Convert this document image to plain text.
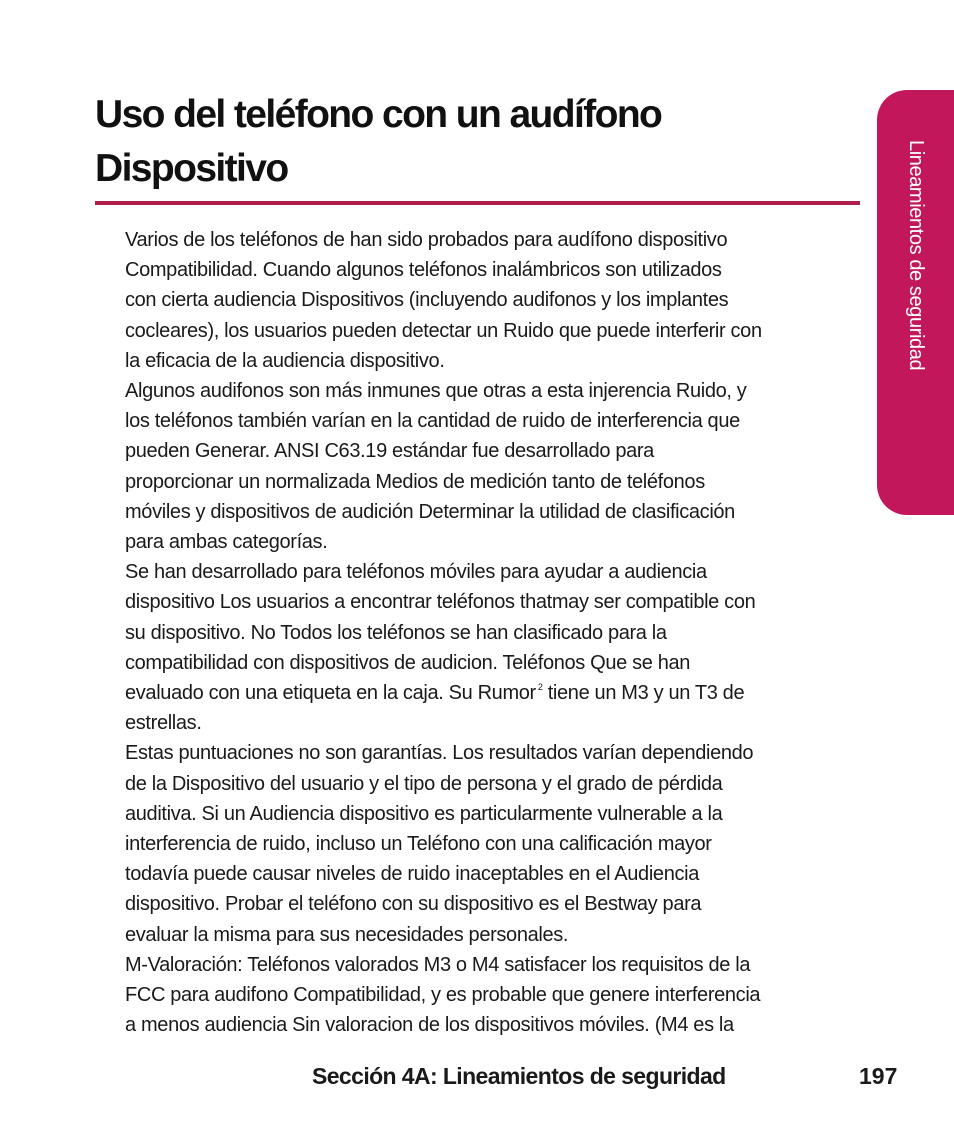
Uso del teléfono con un audífono
Dispositivo	Lineamientos de seguridad
Varios de los teléfonos de han sido probados para audífono dispositivo
Compatibilidad. Cuando algunos teléfonos inalámbricos son utilizados
con cierta audiencia Dispositivos (incluyendo audifonos y los implantes
cocleares), los usuarios pueden detectar un Ruido que puede interferir con
la eficacia de la audiencia dispositivo.
Algunos audifonos son más inmunes que otras a esta injerencia Ruido, y
los teléfonos también varían en la cantidad de ruido de interferencia que
pueden Generar. ANSI C63.19 estándar fue desarrollado para
proporcionar un normalizada Medios de medición tanto de teléfonos
móviles y dispositivos de audición Determinar la utilidad de clasificación
para ambas categorías.
Se han desarrollado para teléfonos móviles para ayudar a audiencia
dispositivo Los usuarios a encontrar teléfonos thatmay ser compatible con
su dispositivo. No Todos los teléfonos se han clasificado para la
compatibilidad con dispositivos de audicion. Teléfonos Que se han
evaluado con una etiqueta en la caja. Su Rumor $^2$ tiene un M3 y un T3 de
estrellas.
Estas puntuaciones no son garantías. Los resultados varían dependiendo
de la Dispositivo del usuario y el tipo de persona y el grado de pérdida
auditiva. Si un Audiencia dispositivo es particularmente vulnerable a la
interferencia de ruido, incluso un Teléfono con una calificación mayor
todavía puede causar niveles de ruido inaceptables en el Audiencia
dispositivo. Probar el teléfono con su dispositivo es el Bestway para
evaluar la misma para sus necesidades personales.
M-Valoración: Teléfonos valorados M3 o M4 satisfacer los requisitos de la
FCC para audifono Compatibilidad, y es probable que genere interferencia
a menos audiencia Sin valoracion de los dispositivos móviles. (M4 es la
Sección 4A: Lineamientos de seguridad	197
